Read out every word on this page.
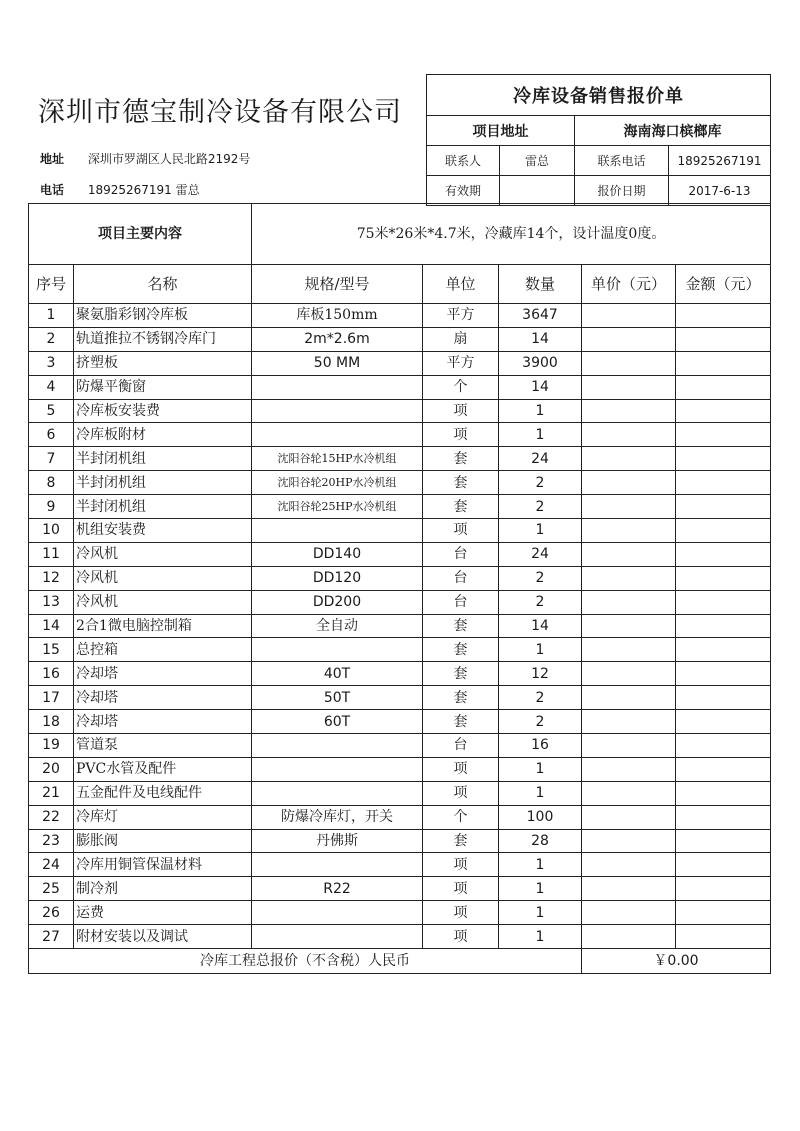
深圳市德宝制冷设备有限公司
地址 深圳市罗湖区人民北路2192号
电话 18925267191 雷总
冷库设备销售报价单			
项目地址		海南海口槟榔库	
联系人	雷总	联系电话	18925267191
有效期		报价日期	2017-6-13
项目主要内容		75米*26米*4.7米，冷藏库14个，设计温度0度。				
序号	名称	规格/型号	单位	数量	单价（元）	金额（元）
1	聚氨脂彩钢冷库板	库板150mm	平方	3647		
2	轨道推拉不锈钢冷库门	2m*2.6m	扇	14		
3	挤塑板	50 MM	平方	3900		
4	防爆平衡窗		个	14		
5	冷库板安装费		项	1		
6	冷库板附材		项	1		
7	半封闭机组	沈阳谷轮15HP水冷机组	套	24		
8	半封闭机组	沈阳谷轮20HP水冷机组	套	2		
9	半封闭机组	沈阳谷轮25HP水冷机组	套	2		
10	机组安装费		项	1		
11	冷风机	DD140	台	24		
12	冷风机	DD120	台	2		
13	冷风机	DD200	台	2		
14	2合1微电脑控制箱	全自动	套	14		
15	总控箱		套	1		
16	冷却塔	40T	套	12		
17	冷却塔	50T	套	2		
18	冷却塔	60T	套	2		
19	管道泵		台	16		
20	PVC水管及配件		项	1		
21	五金配件及电线配件		项	1		
22	冷库灯	防爆冷库灯，开关	个	100		
23	膨胀阀	丹佛斯	套	28		
24	冷库用铜管保温材料		项	1		
25	制冷剂	R22	项	1		
26	运费		项	1		
27	附材安装以及调试		项	1		
冷库工程总报价（不含税）人民币					￥0.00	
